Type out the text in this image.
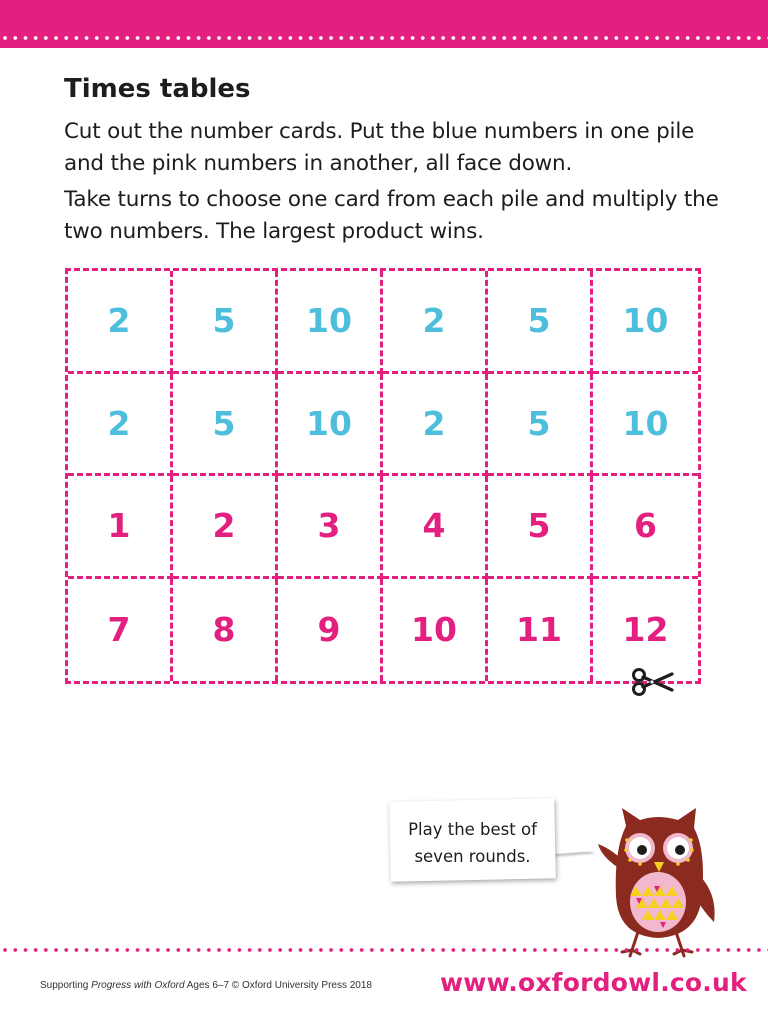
Times tables

Cut out the number cards. Put the blue numbers in one pile and the pink numbers in another, all face down.

Take turns to choose one card from each pile and multiply the two numbers. The largest product wins.

2	5	10	2	5	10
2	5	10	2	5	10
1	2	3	4	5	6
7	8	9	10	11	12
Play the best of
seven rounds.
Supporting Progress with Oxford Ages 6–7 © Oxford University Press 2018	www.oxfordowl.co.uk
